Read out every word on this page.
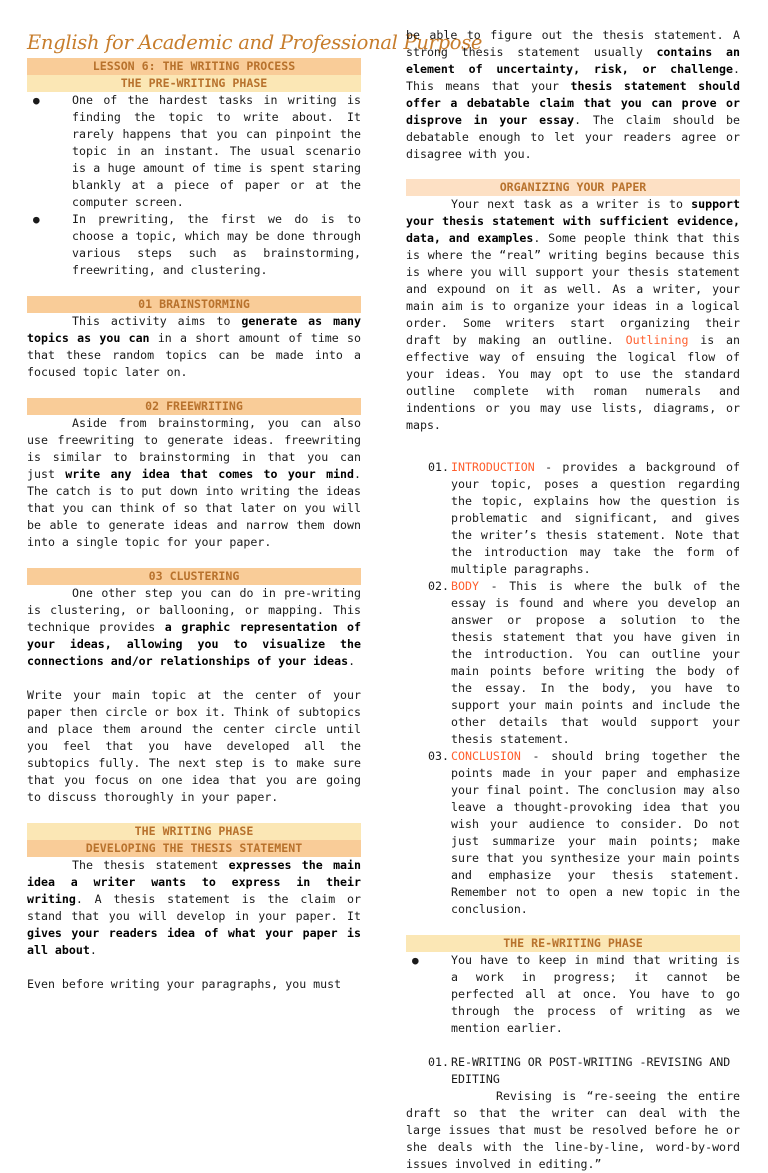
English for Academic and Professional Purpose
LESSON 6: THE WRITING PROCESS
THE PRE-WRITING PHASE
●	One of the hardest tasks in writing is finding the topic to write about. It rarely happens that you can pinpoint the topic in an instant. The usual scenario is a huge amount of time is spent staring blankly at a piece of paper or at the computer screen.
●	In prewriting, the first we do is to choose a topic, which may be done through various steps such as brainstorming, freewriting, and clustering.
01 BRAINSTORMING

This activity aims to generate as many topics as you can in a short amount of time so that these random topics can be made into a focused topic later on.

02 FREEWRITING

Aside from brainstorming, you can also use freewriting to generate ideas. freewriting is similar to brainstorming in that you can just write any idea that comes to your mind. The catch is to put down into writing the ideas that you can think of so that later on you will be able to generate ideas and narrow them down into a single topic for your paper.

03 CLUSTERING

One other step you can do in pre-writing is clustering, or ballooning, or mapping. This technique provides a graphic representation of your ideas, allowing you to visualize the connections and/or relationships of your ideas.

Write your main topic at the center of your paper then circle or box it. Think of subtopics and place them around the center circle until you feel that you have developed all the subtopics fully. The next step is to make sure that you focus on one idea that you are going to discuss thoroughly in your paper.

THE WRITING PHASE
DEVELOPING THE THESIS STATEMENT

The thesis statement expresses the main idea a writer wants to express in their writing. A thesis statement is the claim or stand that you will develop in your paper. It gives your readers idea of what your paper is all about.

Even before writing your paragraphs, you must

be able to figure out the thesis statement. A strong thesis statement usually contains an element of uncertainty, risk, or challenge. This means that your thesis statement should offer a debatable claim that you can prove or disprove in your essay. The claim should be debatable enough to let your readers agree or disagree with you.

ORGANIZING YOUR PAPER

Your next task as a writer is to support your thesis statement with sufficient evidence, data, and examples. Some people think that this is where the “real” writing begins because this is where you will support your thesis statement and expound on it as well. As a writer, your main aim is to organize your ideas in a logical order. Some writers start organizing their draft by making an outline. Outlining is an effective way of ensuing the logical flow of your ideas. You may opt to use the standard outline complete with roman numerals and indentions or you may use lists, diagrams, or maps.

01. INTRODUCTION - provides a background of your topic, poses a question regarding the topic, explains how the question is problematic and significant, and gives the writer’s thesis statement. Note that the introduction may take the form of multiple paragraphs.
02. BODY - This is where the bulk of the essay is found and where you develop an answer or propose a solution to the thesis statement that you have given in the introduction. You can outline your main points before writing the body of the essay. In the body, you have to support your main points and include the other details that would support your thesis statement.
03. CONCLUSION - should bring together the points made in your paper and emphasize your final point. The conclusion may also leave a thought-provoking idea that you wish your audience to consider. Do not just summarize your main points; make sure that you synthesize your main points and emphasize your thesis statement. Remember not to open a new topic in the conclusion.
THE RE-WRITING PHASE
●	You have to keep in mind that writing is a work in progress; it cannot be perfected all at once. You have to go through the process of writing as we mention earlier.
01. RE-WRITING OR POST-WRITING -REVISING AND EDITING

Revising is “re-seeing the entire draft so that the writer can deal with the large issues that must be resolved before he or she deals with the line-by-line, word-by-word issues involved in editing.”
